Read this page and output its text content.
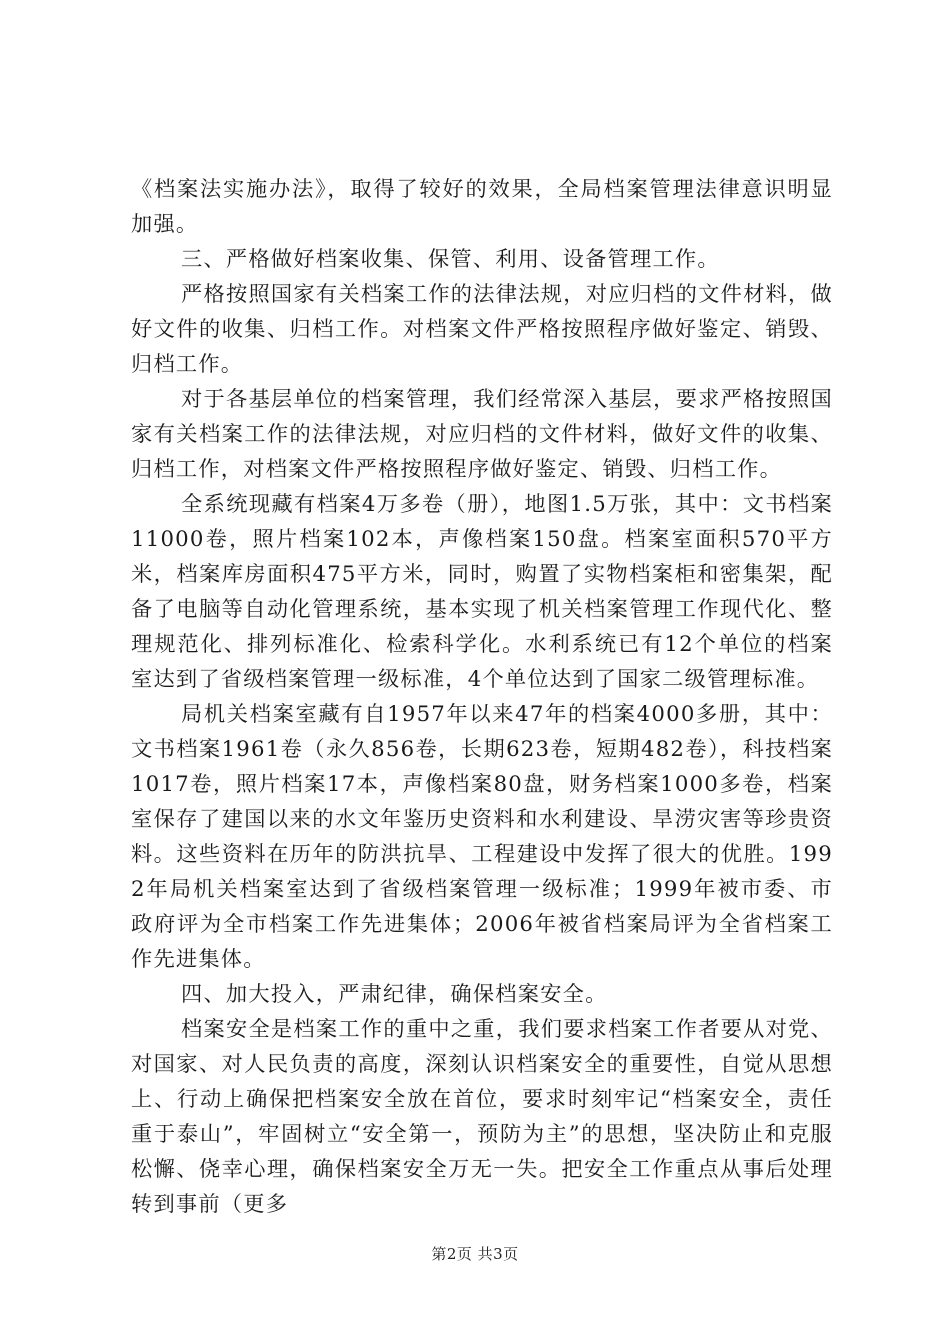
《档案法实施办法》，取得了较好的效果，全局档案管理法律意识明显加强。

三、严格做好档案收集、保管、利用、设备管理工作。

严格按照国家有关档案工作的法律法规，对应归档的文件材料，做好文件的收集、归档工作。对档案文件严格按照程序做好鉴定、销毁、归档工作。

对于各基层单位的档案管理，我们经常深入基层，要求严格按照国家有关档案工作的法律法规，对应归档的文件材料，做好文件的收集、归档工作，对档案文件严格按照程序做好鉴定、销毁、归档工作。

全系统现藏有档案4万多卷（册），地图1.5万张，其中：文书档案11000卷，照片档案102本，声像档案150盘。档案室面积570平方米，档案库房面积475平方米，同时，购置了实物档案柜和密集架，配备了电脑等自动化管理系统，基本实现了机关档案管理工作现代化、整理规范化、排列标准化、检索科学化。水利系统已有12个单位的档案室达到了省级档案管理一级标准，4个单位达到了国家二级管理标准。

局机关档案室藏有自1957年以来47年的档案4000多册，其中：文书档案1961卷（永久856卷，长期623卷，短期482卷），科技档案1017卷，照片档案17本，声像档案80盘，财务档案1000多卷，档案室保存了建国以来的水文年鉴历史资料和水利建设、旱涝灾害等珍贵资料。这些资料在历年的防洪抗旱、工程建设中发挥了很大的优胜。1992年局机关档案室达到了省级档案管理一级标准；1999年被市委、市政府评为全市档案工作先进集体；2006年被省档案局评为全省档案工作先进集体。

四、加大投入，严肃纪律，确保档案安全。

档案安全是档案工作的重中之重，我们要求档案工作者要从对党、对国家、对人民负责的高度，深刻认识档案安全的重要性，自觉从思想上、行动上确保把档案安全放在首位，要求时刻牢记“档案安全，责任重于泰山”，牢固树立“安全第一，预防为主”的思想，坚决防止和克服松懈、侥幸心理，确保档案安全万无一失。把安全工作重点从事后处理转到事前（更多

第2页 共3页
